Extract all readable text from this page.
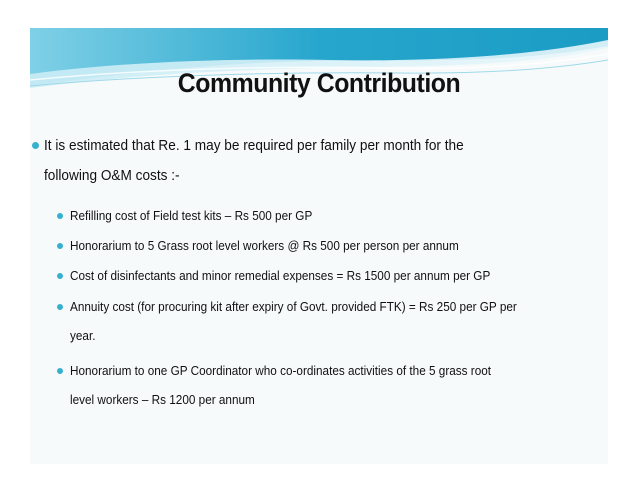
Community Contribution
It is estimated that Re. 1 may be required per family per month for the
following O&M costs :-
Refilling cost of Field test kits – Rs 500 per GP
Honorarium to 5 Grass root level workers @ Rs 500 per person per annum
Cost of disinfectants and minor remedial expenses = Rs 1500 per annum per GP
Annuity cost (for procuring kit after expiry of Govt. provided FTK) = Rs 250 per GP per
year.
Honorarium to one GP Coordinator who co-ordinates activities of the 5 grass root
level workers – Rs 1200 per annum
